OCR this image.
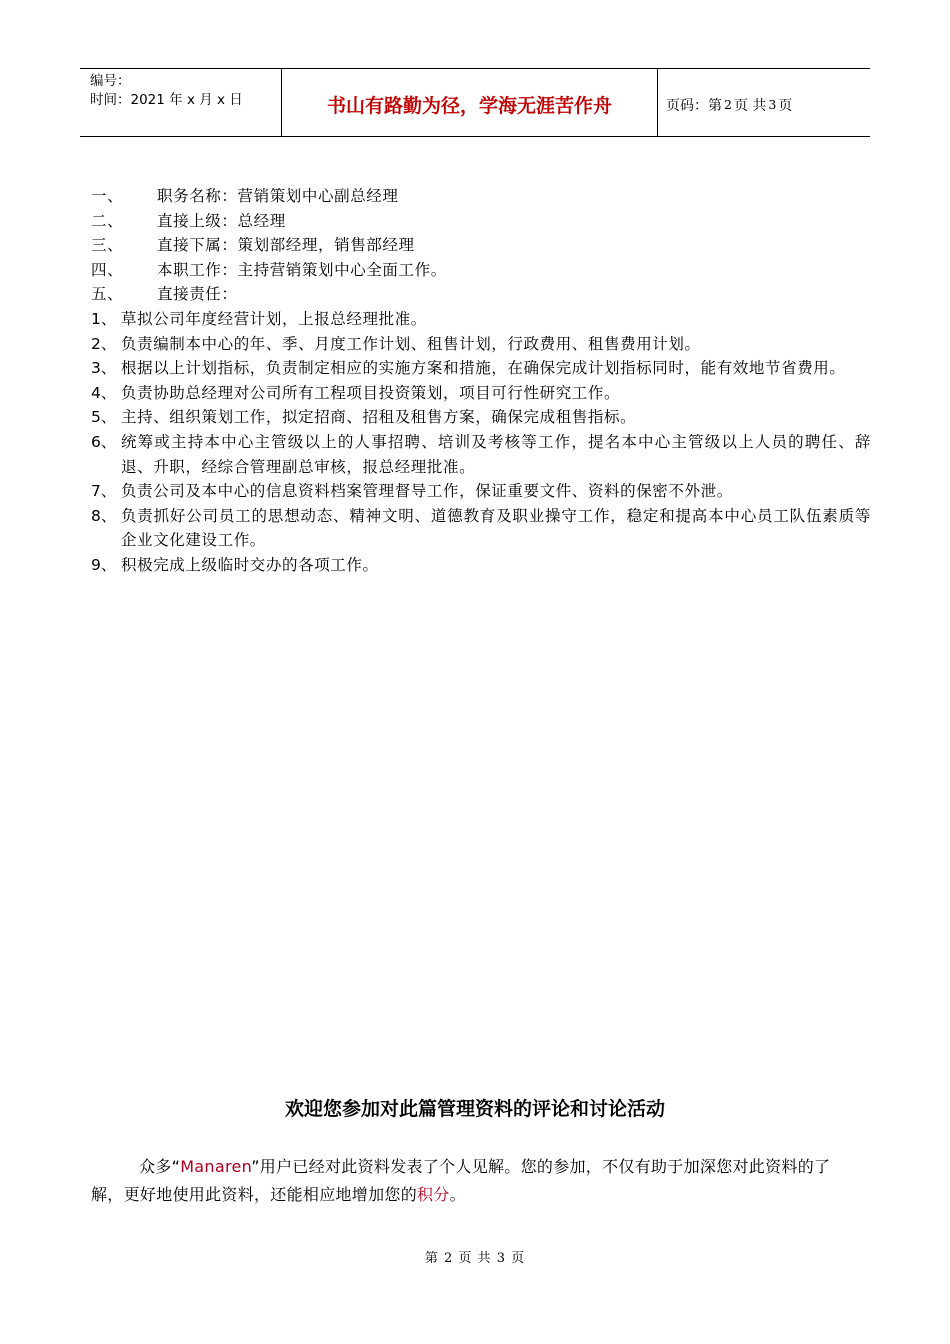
编号：
时间：2021 年 x 月 x 日	书山有路勤为径，学海无涯苦作舟	页码：第 2 页 共 3 页
一、	职务名称：营销策划中心副总经理
二、	直接上级：总经理
三、	直接下属：策划部经理，销售部经理
四、	本职工作：主持营销策划中心全面工作。
五、	直接责任：
1、 草拟公司年度经营计划，上报总经理批准。
2、 负责编制本中心的年、季、月度工作计划、租售计划，行政费用、租售费用计划。
3、 根据以上计划指标，负责制定相应的实施方案和措施，在确保完成计划指标同时，能有效地节省费用。
4、 负责协助总经理对公司所有工程项目投资策划，项目可行性研究工作。
5、 主持、组织策划工作，拟定招商、招租及租售方案，确保完成租售指标。
6、 统筹或主持本中心主管级以上的人事招聘、培训及考核等工作，提名本中心主管级以上人员的聘任、辞退、升职，经综合管理副总审核，报总经理批准。
7、 负责公司及本中心的信息资料档案管理督导工作，保证重要文件、资料的保密不外泄。
8、 负责抓好公司员工的思想动态、精神文明、道德教育及职业操守工作，稳定和提高本中心员工队伍素质等企业文化建设工作。
9、 积极完成上级临时交办的各项工作。
欢迎您参加对此篇管理资料的评论和讨论活动
众多“Manaren”用户已经对此资料发表了个人见解。您的参加，不仅有助于加深您对此资料的了解，更好地使用此资料，还能相应地增加您的积分。
第 2 页 共 3 页
